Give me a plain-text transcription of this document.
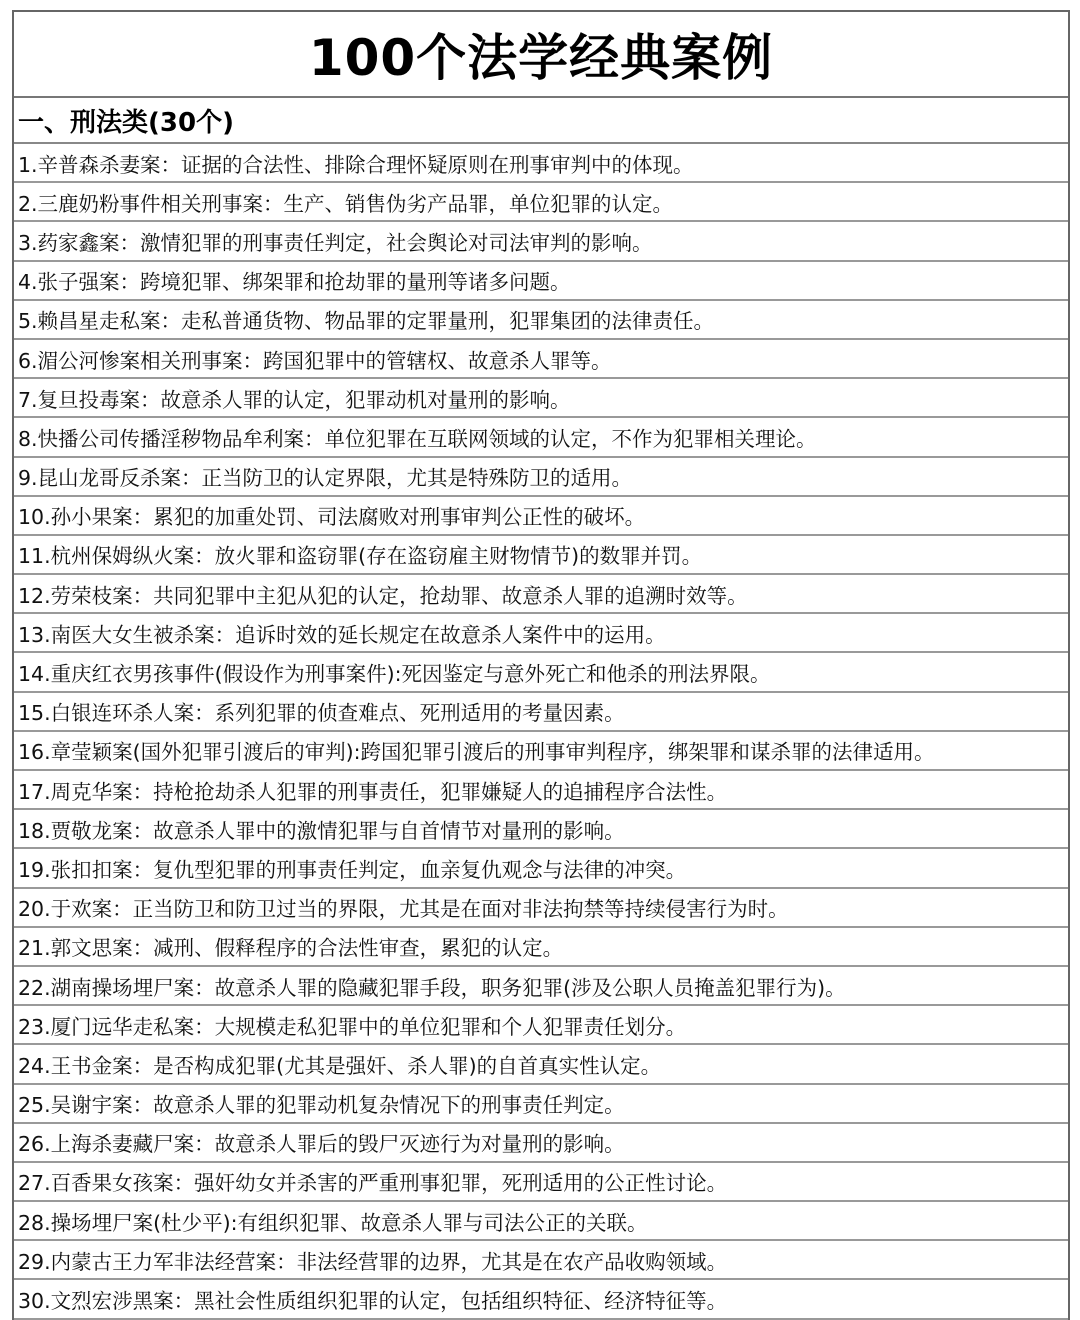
100个法学经典案例
一、刑法类(30个)
1.辛普森杀妻案：证据的合法性、排除合理怀疑原则在刑事审判中的体现。
2.三鹿奶粉事件相关刑事案：生产、销售伪劣产品罪，单位犯罪的认定。
3.药家鑫案：激情犯罪的刑事责任判定，社会舆论对司法审判的影响。
4.张子强案：跨境犯罪、绑架罪和抢劫罪的量刑等诸多问题。
5.赖昌星走私案：走私普通货物、物品罪的定罪量刑，犯罪集团的法律责任。
6.湄公河惨案相关刑事案：跨国犯罪中的管辖权、故意杀人罪等。
7.复旦投毒案：故意杀人罪的认定，犯罪动机对量刑的影响。
8.快播公司传播淫秽物品牟利案：单位犯罪在互联网领域的认定，不作为犯罪相关理论。
9.昆山龙哥反杀案：正当防卫的认定界限，尤其是特殊防卫的适用。
10.孙小果案：累犯的加重处罚、司法腐败对刑事审判公正性的破坏。
11.杭州保姆纵火案：放火罪和盗窃罪(存在盗窃雇主财物情节)的数罪并罚。
12.劳荣枝案：共同犯罪中主犯从犯的认定，抢劫罪、故意杀人罪的追溯时效等。
13.南医大女生被杀案：追诉时效的延长规定在故意杀人案件中的运用。
14.重庆红衣男孩事件(假设作为刑事案件):死因鉴定与意外死亡和他杀的刑法界限。
15.白银连环杀人案：系列犯罪的侦查难点、死刑适用的考量因素。
16.章莹颖案(国外犯罪引渡后的审判):跨国犯罪引渡后的刑事审判程序，绑架罪和谋杀罪的法律适用。
17.周克华案：持枪抢劫杀人犯罪的刑事责任，犯罪嫌疑人的追捕程序合法性。
18.贾敬龙案：故意杀人罪中的激情犯罪与自首情节对量刑的影响。
19.张扣扣案：复仇型犯罪的刑事责任判定，血亲复仇观念与法律的冲突。
20.于欢案：正当防卫和防卫过当的界限，尤其是在面对非法拘禁等持续侵害行为时。
21.郭文思案：减刑、假释程序的合法性审查，累犯的认定。
22.湖南操场埋尸案：故意杀人罪的隐藏犯罪手段，职务犯罪(涉及公职人员掩盖犯罪行为)。
23.厦门远华走私案：大规模走私犯罪中的单位犯罪和个人犯罪责任划分。
24.王书金案：是否构成犯罪(尤其是强奸、杀人罪)的自首真实性认定。
25.吴谢宇案：故意杀人罪的犯罪动机复杂情况下的刑事责任判定。
26.上海杀妻藏尸案：故意杀人罪后的毁尸灭迹行为对量刑的影响。
27.百香果女孩案：强奸幼女并杀害的严重刑事犯罪，死刑适用的公正性讨论。
28.操场埋尸案(杜少平):有组织犯罪、故意杀人罪与司法公正的关联。
29.内蒙古王力军非法经营案：非法经营罪的边界，尤其是在农产品收购领域。
30.文烈宏涉黑案：黑社会性质组织犯罪的认定，包括组织特征、经济特征等。
